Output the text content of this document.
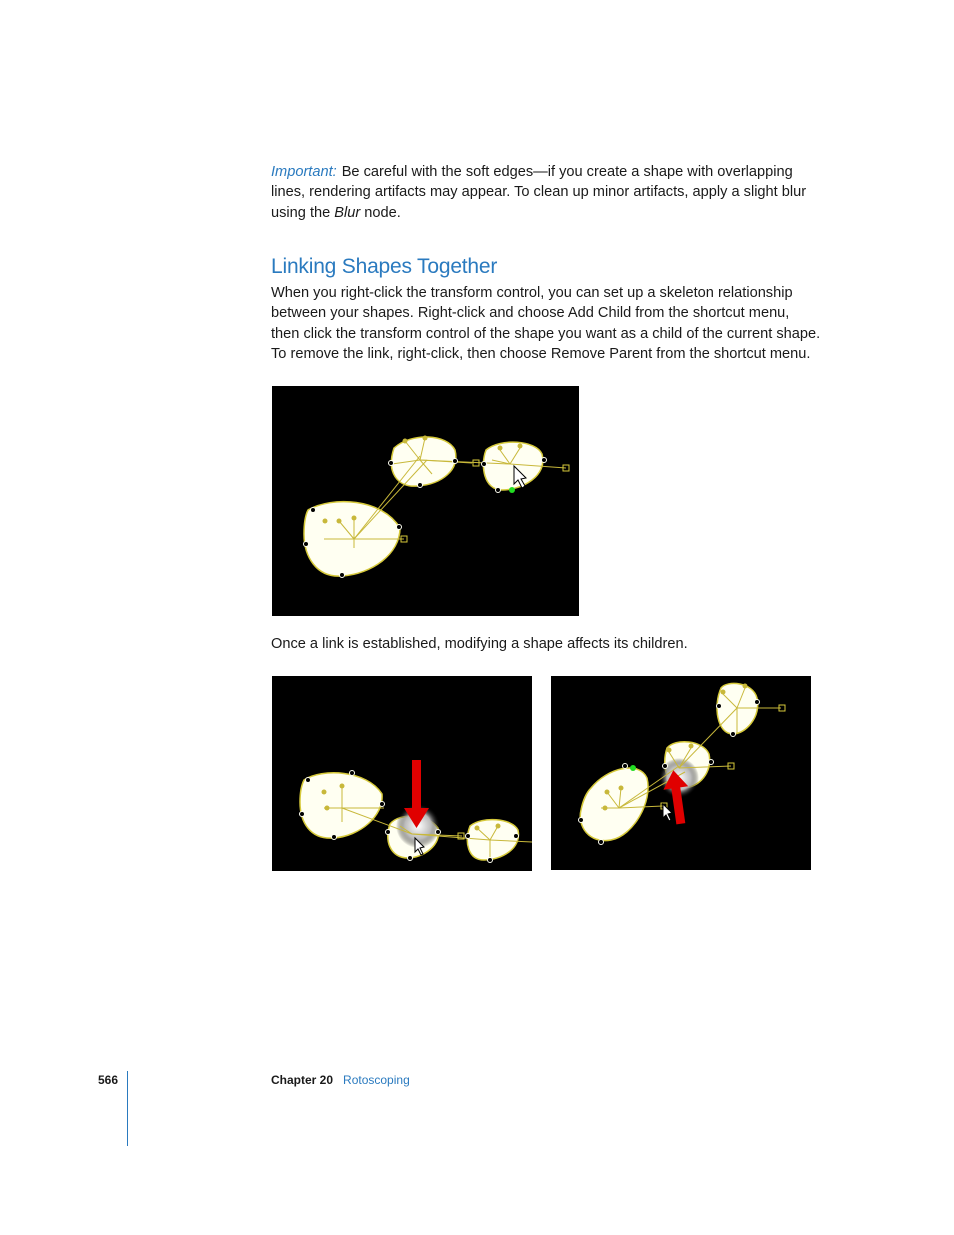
Important: Be careful with the soft edges—if you create a shape with overlapping lines, rendering artifacts may appear. To clean up minor artifacts, apply a slight blur using the Blur node.

Linking Shapes Together

When you right-click the transform control, you can set up a skeleton relationship between your shapes. Right-click and choose Add Child from the shortcut menu, then click the transform control of the shape you want as a child of the current shape. To remove the link, right-click, then choose Remove Parent from the shortcut menu.

Once a link is established, modifying a shape affects its children.

566	Chapter 20 Rotoscoping
